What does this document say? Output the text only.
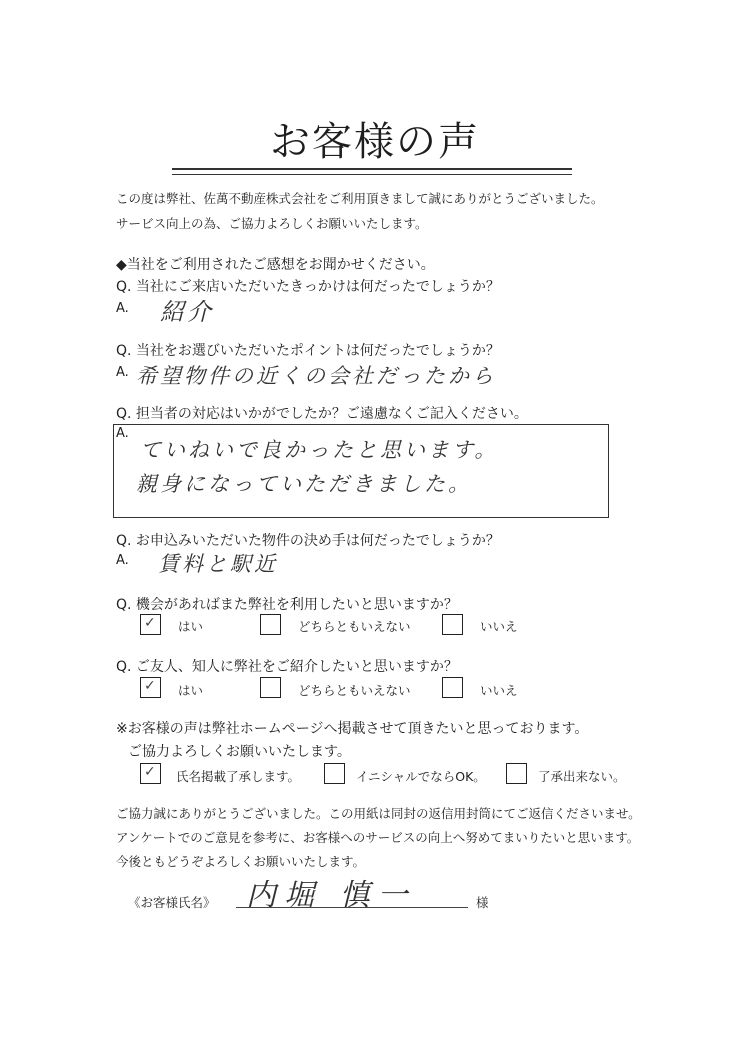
お客様の声
この度は弊社、佐萬不動産株式会社をご利用頂きまして誠にありがとうございました。
サービス向上の為、ご協力よろしくお願いいたします。
◆当社をご利用されたご感想をお聞かせください。
Q. 当社にご来店いただいたきっかけは何だったでしょうか？
A. 紹介
Q. 当社をお選びいただいたポイントは何だったでしょうか？
A. 希望物件の近くの会社だったから
Q. 担当者の対応はいかがでしたか？ご遠慮なくご記入ください。
A.
ていねいで良かったと思います。
親身になっていただきました。
Q. お申込みいただいた物件の決め手は何だったでしょうか？
A. 賃料と駅近
Q. 機会があればまた弊社を利用したいと思いますか？
✓ はい	どちらともいえない	いいえ
Q. ご友人、知人に弊社をご紹介したいと思いますか？
✓ はい	どちらともいえない	いいえ
※お客様の声は弊社ホームページへ掲載させて頂きたいと思っております。
ご協力よろしくお願いいたします。
✓ 氏名掲載了承します。	イニシャルでならOK。	了承出来ない。
ご協力誠にありがとうございました。この用紙は同封の返信用封筒にてご返信くださいませ。
アンケートでのご意見を参考に、お客様へのサービスの向上へ努めてまいりたいと思います。
今後ともどうぞよろしくお願いいたします。
《お客様氏名》 内堀 慎一	様
